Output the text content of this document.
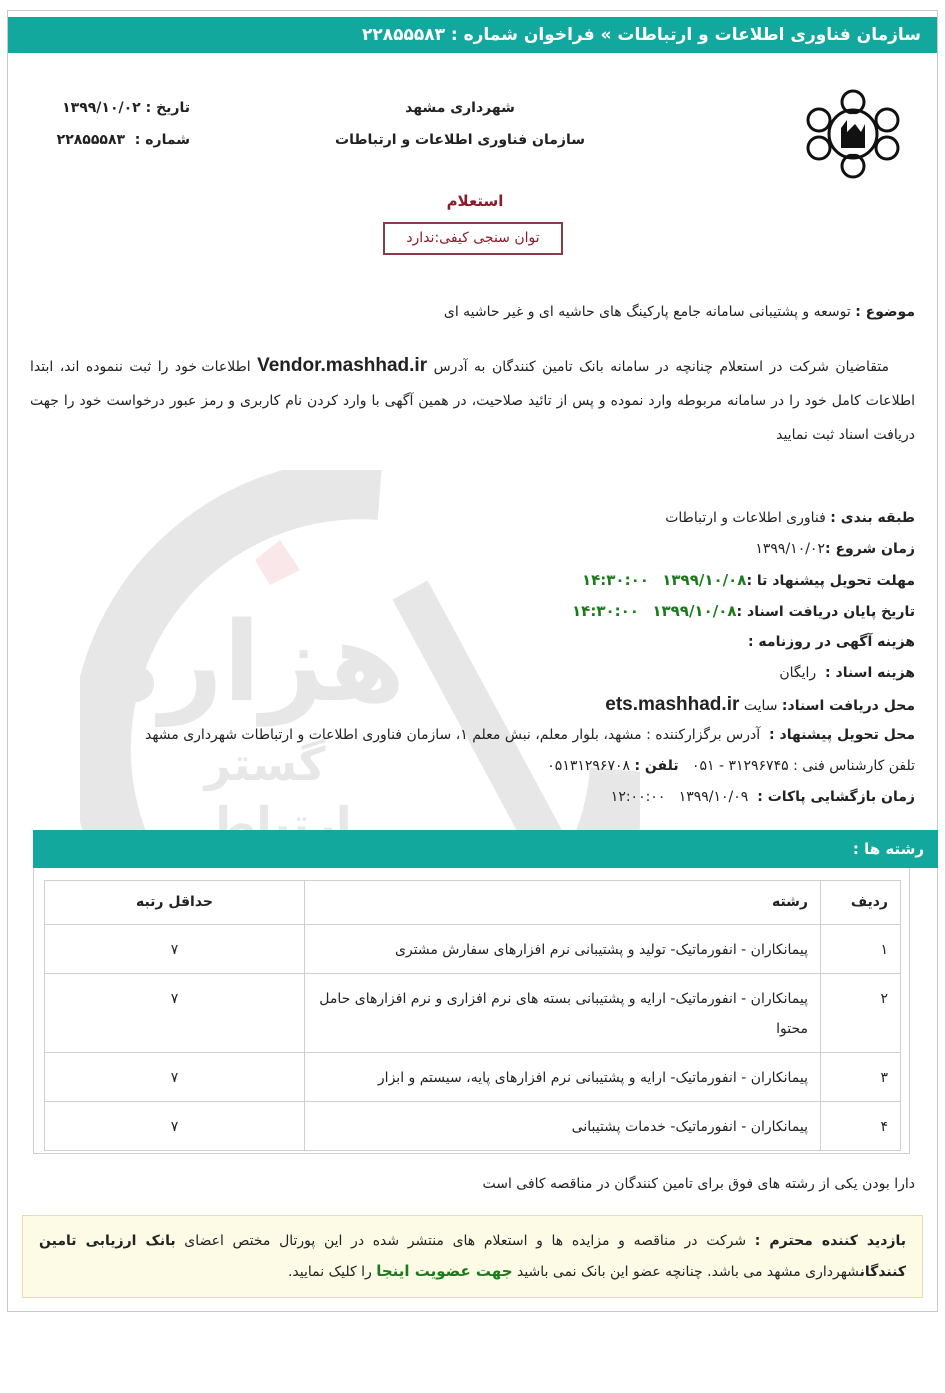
سازمان فناوری اطلاعات و ارتباطات » فراخوان شماره : ۲۲۸۵۵۵۸۳
شهرداری مشهد
سازمان فناوری اطلاعات و ارتباطات
تاریخ : ۱۳۹۹/۱۰/۰۲
شماره :  ۲۲۸۵۵۵۸۳
استعلام
توان سنجی کیفی:ندارد
موضوع : توسعه و پشتیبانی سامانه جامع پارکینگ های حاشیه ای و غیر حاشیه ای
متقاضیان شرکت در استعلام چنانچه در سامانه بانک تامین کنندگان به آدرس Vendor.mashhad.ir اطلاعات خود را ثبت ننموده اند، ابتدا اطلاعات کامل خود را در سامانه مربوطه وارد نموده و پس از تائید صلاحیت، در همین آگهی با وارد کردن نام کاربری و رمز عبور درخواست خود را جهت دریافت اسناد ثبت نمایید
طبقه بندی : فناوری اطلاعات و ارتباطات
زمان شروع :۱۳۹۹/۱۰/۰۲
مهلت تحویل پیشنهاد تا :۱۳۹۹/۱۰/۰۸   ۱۴:۳۰:۰۰
تاریخ پایان دریافت اسناد :۱۳۹۹/۱۰/۰۸   ۱۴:۳۰:۰۰
هزینه آگهی در روزنامه :
هزینه اسناد :  رایگان
محل دریافت اسناد: سایت ets.mashhad.ir
محل تحویل پیشنهاد :  آدرس برگزارکننده : مشهد، بلوار معلم، نبش معلم ۱، سازمان فناوری اطلاعات و ارتباطات شهرداری مشهد
تلفن کارشناس فنی : ۳۱۲۹۶۷۴۵ - ۰۵۱   تلفن : ۰۵۱۳۱۲۹۶۷۰۸
زمان بازگشایی پاکات :  ۱۳۹۹/۱۰/۰۹   ۱۲:۰۰:۰۰
رشته ها :
ردیف	رشته	حداقل رتبه
۱	پیمانکاران - انفورماتیک- تولید و پشتیبانی نرم افزارهای سفارش مشتری	۷
۲	پیمانکاران - انفورماتیک- ارایه و پشتیبانی بسته های نرم افزاری و نرم افزارهای حامل محتوا	۷
۳	پیمانکاران - انفورماتیک- ارایه و پشتیبانی نرم افزارهای پایه، سیستم و ابزار	۷
۴	پیمانکاران - انفورماتیک- خدمات پشتیبانی	۷
دارا بودن یکی از رشته های فوق برای تامین کنندگان در مناقصه کافی است
بازدید کننده محترم : شرکت در مناقصه و مزایده ها و استعلام های منتشر شده در این پورتال مختص اعضای بانک ارزیابی تامین کنندگانشهرداری مشهد می باشد. چنانچه عضو این بانک نمی باشید جهت عضویت اینجا را کلیک نمایید.
